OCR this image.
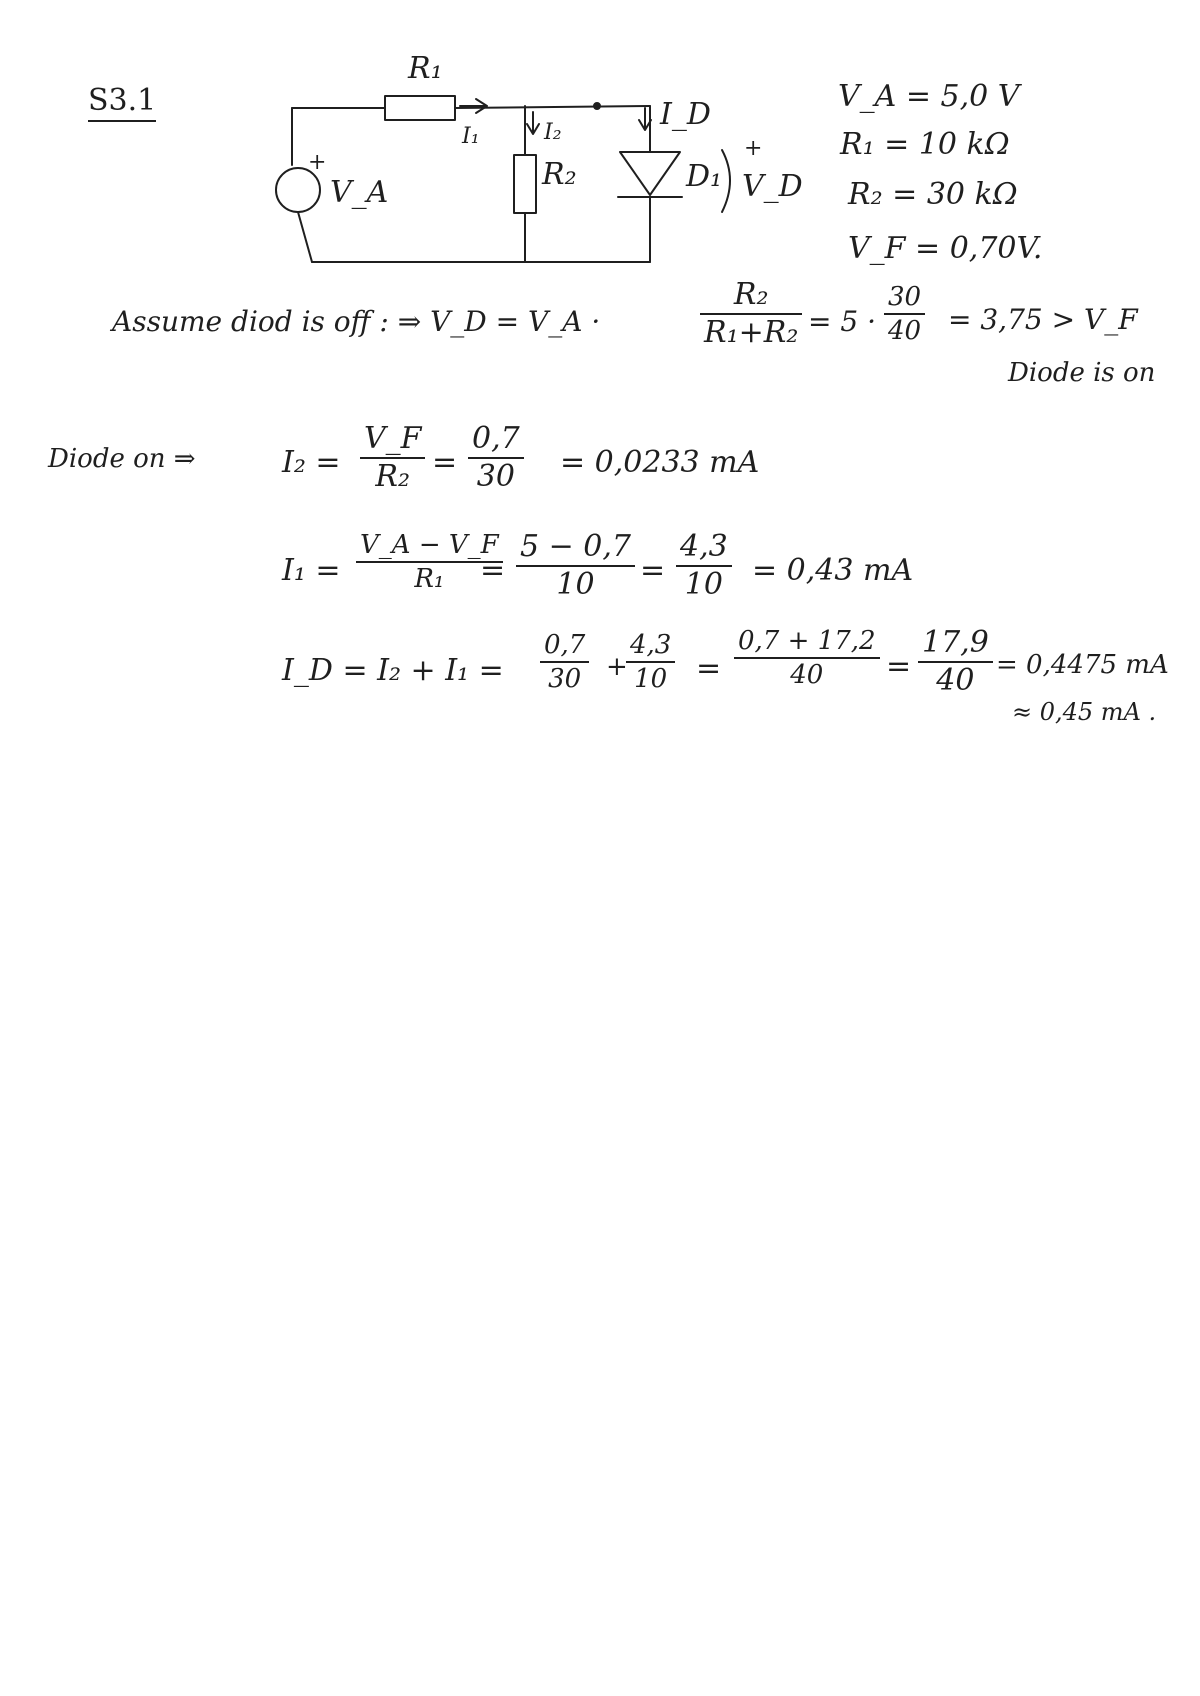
S3.1
R₁
I₁	I₂
R₂
I_D
D₁
+
V_D
+
V_A
V_A = 5,0 V
R₁ = 10 kΩ
R₂ = 30 kΩ
V_F = 0,70V.
Assume diod is off : ⇒ V_D = V_A ·
R₂
R₁+R₂ = 5 ·
30
40 = 3,75 > V_F
Diode is on
Diode on ⇒	I₂ =
V_F
R₂ =
0,7
30 = 0,0233 mA
I₁ =
V_A − V_F
R₁ =
5 − 0,7
10 =
4,3
10 = 0,43 mA
I_D = I₂ + I₁ =
0,7
30 +
4,3
10 =
0,7 + 17,2
40 =
17,9
40 = 0,4475 mA
≈ 0,45 mA .
